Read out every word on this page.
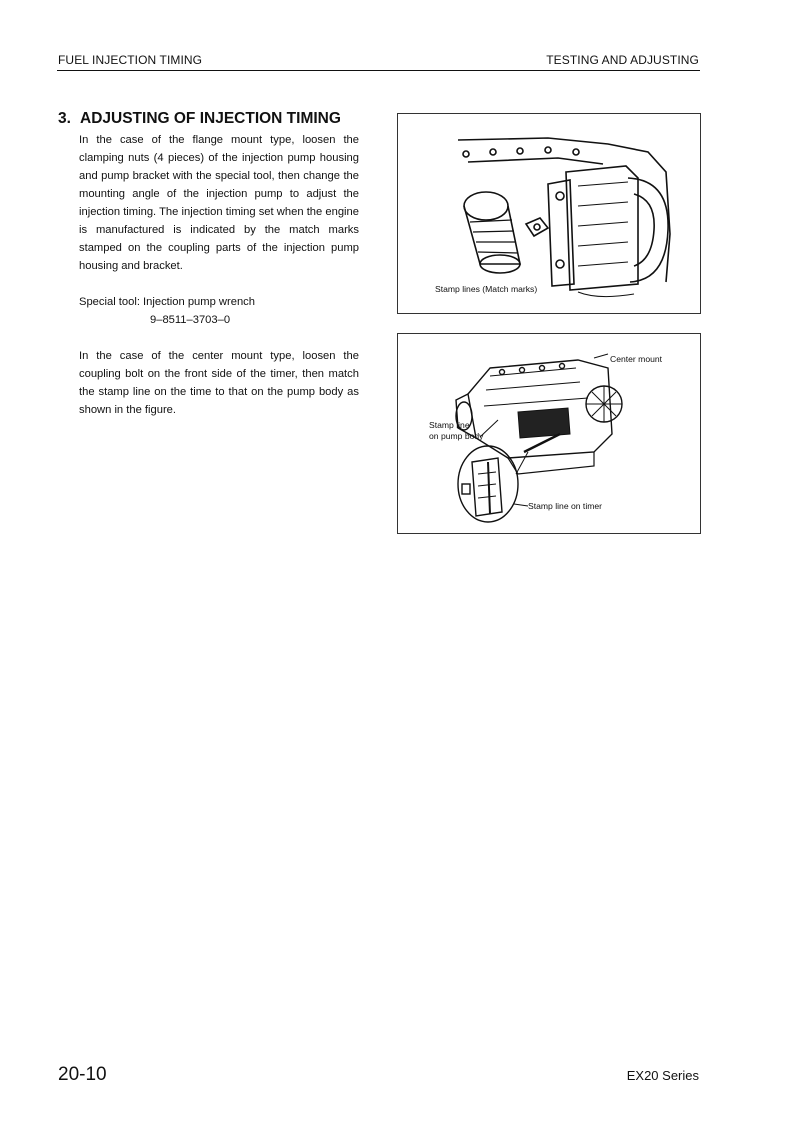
FUEL INJECTION TIMING	TESTING AND ADJUSTING
3. ADJUSTING OF INJECTION TIMING

In the case of the flange mount type, loosen the clamping nuts (4 pieces) of the injection pump housing and pump bracket with the special tool, then change the mounting angle of the injection pump to adjust the injection timing. The injection timing set when the engine is manufactured is indicated by the match marks stamped on the coupling parts of the injection pump housing and bracket.

Special tool: Injection pump wrench

9–8511–3703–0

In the case of the center mount type, loosen the coupling bolt on the front side of the timer, then match the stamp line on the time to that on the pump body as shown in the figure.

Stamp lines (Match marks)
Center mount
Stamp line
on pump body
Stamp line on timer
20-10	EX20 Series
